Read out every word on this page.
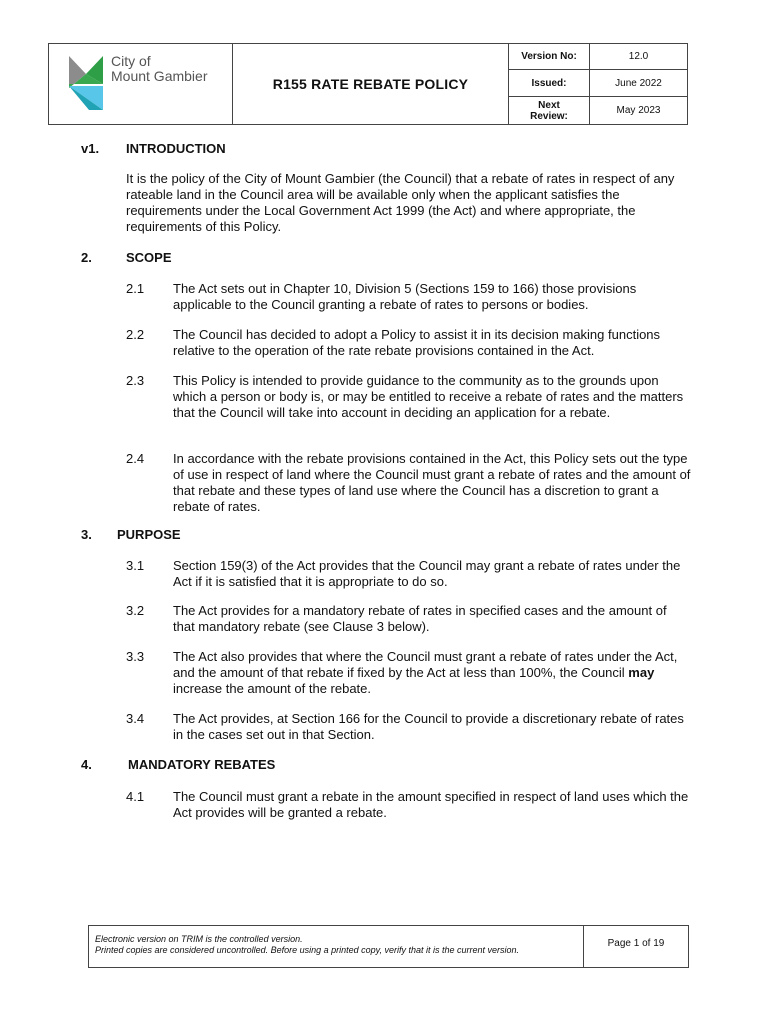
City of
Mount Gambier	R155 RATE REBATE POLICY
Version No:	12.0
Issued:	June 2022
Next
Review:	May 2023
v1. INTRODUCTION
It is the policy of the City of Mount Gambier (the Council) that a rebate of rates in respect of any rateable land in the Council area will be available only when the applicant satisfies the requirements under the Local Government Act 1999 (the Act) and where appropriate, the requirements of this Policy.
2.	SCOPE
2.1 The Act sets out in Chapter 10, Division 5 (Sections 159 to 166) those provisions applicable to the Council granting a rebate of rates to persons or bodies.
2.2 The Council has decided to adopt a Policy to assist it in its decision making functions relative to the operation of the rate rebate provisions contained in the Act.
2.3 This Policy is intended to provide guidance to the community as to the grounds upon which a person or body is, or may be entitled to receive a rebate of rates and the matters that the Council will take into account in deciding an application for a rebate.
2.4 In accordance with the rebate provisions contained in the Act, this Policy sets out the type of use in respect of land where the Council must grant a rebate of rates and the amount of that rebate and these types of land use where the Council has a discretion to grant a rebate of rates.
3. PURPOSE
3.1 Section 159(3) of the Act provides that the Council may grant a rebate of rates under the Act if it is satisfied that it is appropriate to do so.
3.2 The Act provides for a mandatory rebate of rates in specified cases and the amount of that mandatory rebate (see Clause 3 below).
3.3 The Act also provides that where the Council must grant a rebate of rates under the Act, and the amount of that rebate if fixed by the Act at less than 100%, the Council may increase the amount of the rebate.
3.4 The Act provides, at Section 166 for the Council to provide a discretionary rebate of rates in the cases set out in that Section.
4.	MANDATORY REBATES
4.1 The Council must grant a rebate in the amount specified in respect of land uses which the Act provides will be granted a rebate.
Electronic version on TRIM is the controlled version.
Printed copies are considered uncontrolled. Before using a printed copy, verify that it is the current version.
Page 1 of 19
